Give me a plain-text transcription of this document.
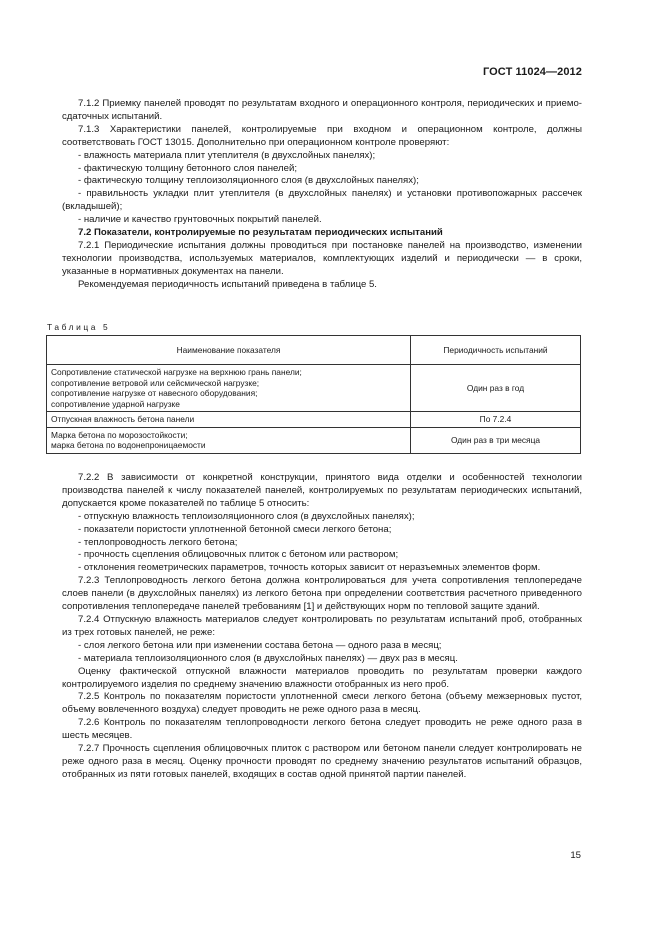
ГОСТ 11024—2012

7.1.2 Приемку панелей проводят по результатам входного и операционного контроля, периодических и приемо-сдаточных испытаний.

7.1.3 Характеристики панелей, контролируемые при входном и операционном контроле, должны соответствовать ГОСТ 13015. Дополнительно при операционном контроле проверяют:

- влажность материала плит утеплителя (в двухслойных панелях);

- фактическую толщину бетонного слоя панелей;

- фактическую толщину теплоизоляционного слоя (в двухслойных панелях);

- правильность укладки плит утеплителя (в двухслойных панелях) и установки противопожарных рассечек (вкладышей);

- наличие и качество грунтовочных покрытий панелей.

7.2 Показатели, контролируемые по результатам периодических испытаний

7.2.1 Периодические испытания должны проводиться при постановке панелей на производство, изменении технологии производства, используемых материалов, комплектующих изделий и периодически — в сроки, указанные в нормативных документах на панели.

Рекомендуемая периодичность испытаний приведена в таблице 5.

Таблица 5
Наименование показателя	Периодичность испытаний

Сопротивление статической нагрузке на верхнюю грань панели;
сопротивление ветровой или сейсмической нагрузке;
сопротивление нагрузке от навесного оборудования;
сопротивление ударной нагрузке	Один раз в год

Отпускная влажность бетона панели	По 7.2.4

Марка бетона по морозостойкости;
марка бетона по водонепроницаемости	Один раз в три месяца

7.2.2 В зависимости от конкретной конструкции, принятого вида отделки и особенностей технологии производства панелей к числу показателей панелей, контролируемых по результатам периодических испытаний, допускается кроме показателей по таблице 5 относить:

- отпускную влажность теплоизоляционного слоя (в двухслойных панелях);

- показатели пористости уплотненной бетонной смеси легкого бетона;

- теплопроводность легкого бетона;

- прочность сцепления облицовочных плиток с бетоном или раствором;

- отклонения геометрических параметров, точность которых зависит от неразъемных элементов форм.

7.2.3 Теплопроводность легкого бетона должна контролироваться для учета сопротивления теплопередаче слоев панели (в двухслойных панелях) из легкого бетона при определении соответствия расчетного приведенного сопротивления теплопередаче панелей требованиям [1] и действующих норм по тепловой защите зданий.

7.2.4 Отпускную влажность материалов следует контролировать по результатам испытаний проб, отобранных из трех готовых панелей, не реже:

- слоя легкого бетона или при изменении состава бетона — одного раза в месяц;

- материала теплоизоляционного слоя (в двухслойных панелях) — двух раз в месяц.

Оценку фактической отпускной влажности материалов проводить по результатам проверки каждого контролируемого изделия по среднему значению влажности отобранных из него проб.

7.2.5 Контроль по показателям пористости уплотненной смеси легкого бетона (объему межзерновых пустот, объему вовлеченного воздуха) следует проводить не реже одного раза в месяц.

7.2.6 Контроль по показателям теплопроводности легкого бетона следует проводить не реже одного раза в шесть месяцев.

7.2.7 Прочность сцепления облицовочных плиток с раствором или бетоном панели следует контролировать не реже одного раза в месяц. Оценку прочности проводят по среднему значению результатов испытаний образцов, отобранных из пяти готовых панелей, входящих в состав одной принятой партии панелей.

15
